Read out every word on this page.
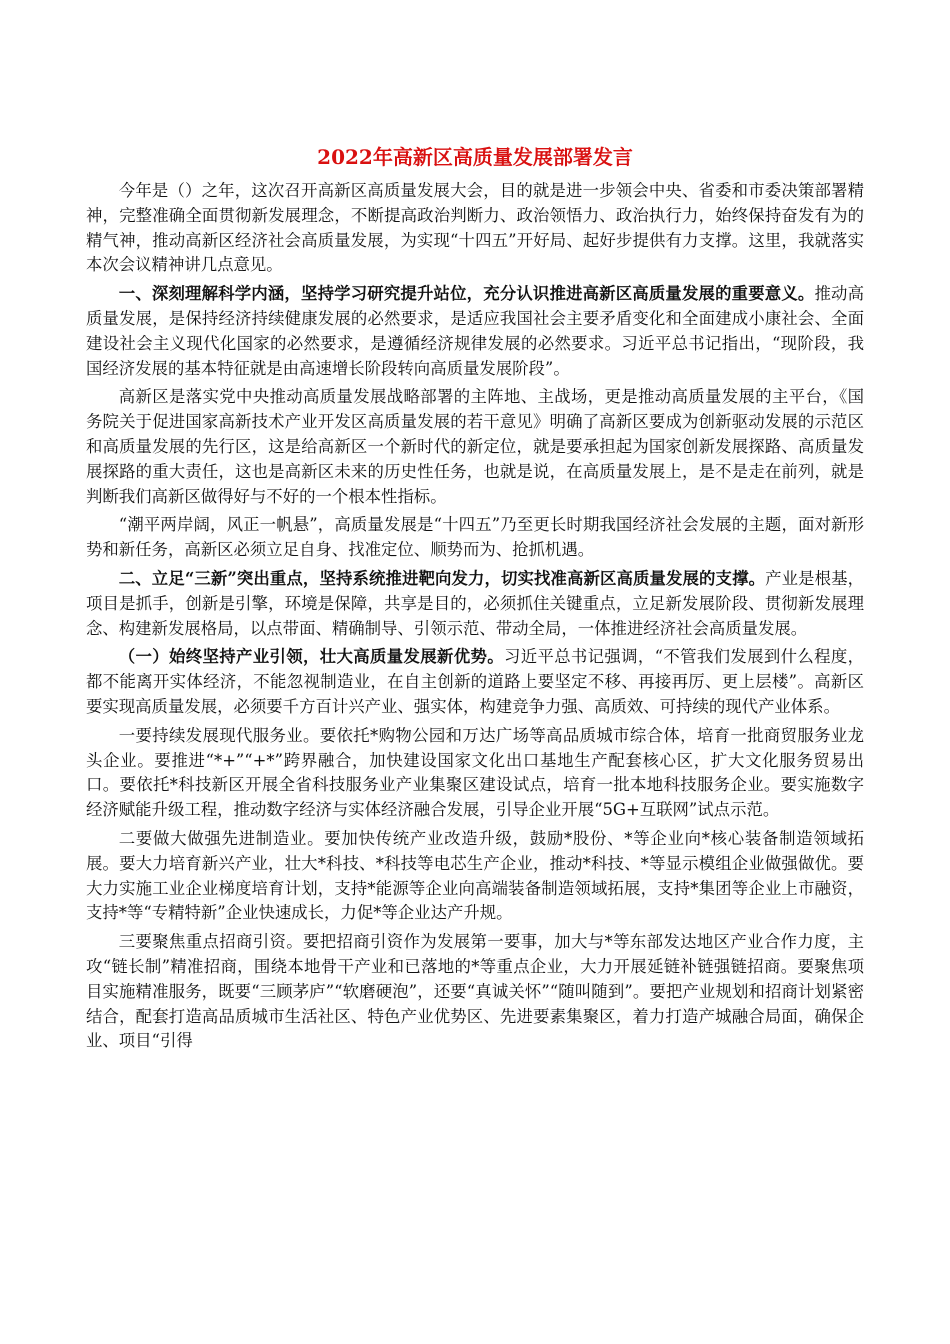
2022年高新区高质量发展部署发言

今年是（）之年，这次召开高新区高质量发展大会，目的就是进一步领会中央、省委和市委决策部署精神，完整准确全面贯彻新发展理念，不断提高政治判断力、政治领悟力、政治执行力，始终保持奋发有为的精气神，推动高新区经济社会高质量发展，为实现“十四五”开好局、起好步提供有力支撑。这里，我就落实本次会议精神讲几点意见。

一、深刻理解科学内涵，坚持学习研究提升站位，充分认识推进高新区高质量发展的重要意义。推动高质量发展，是保持经济持续健康发展的必然要求，是适应我国社会主要矛盾变化和全面建成小康社会、全面建设社会主义现代化国家的必然要求，是遵循经济规律发展的必然要求。习近平总书记指出，“现阶段，我国经济发展的基本特征就是由高速增长阶段转向高质量发展阶段”。

高新区是落实党中央推动高质量发展战略部署的主阵地、主战场，更是推动高质量发展的主平台，《国务院关于促进国家高新技术产业开发区高质量发展的若干意见》明确了高新区要成为创新驱动发展的示范区和高质量发展的先行区，这是给高新区一个新时代的新定位，就是要承担起为国家创新发展探路、高质量发展探路的重大责任，这也是高新区未来的历史性任务，也就是说，在高质量发展上，是不是走在前列，就是判断我们高新区做得好与不好的一个根本性指标。

“潮平两岸阔，风正一帆悬”，高质量发展是“十四五”乃至更长时期我国经济社会发展的主题，面对新形势和新任务，高新区必须立足自身、找准定位、顺势而为、抢抓机遇。

二、立足“三新”突出重点，坚持系统推进靶向发力，切实找准高新区高质量发展的支撑。产业是根基，项目是抓手，创新是引擎，环境是保障，共享是目的，必须抓住关键重点，立足新发展阶段、贯彻新发展理念、构建新发展格局，以点带面、精确制导、引领示范、带动全局，一体推进经济社会高质量发展。

（一）始终坚持产业引领，壮大高质量发展新优势。习近平总书记强调，“不管我们发展到什么程度，都不能离开实体经济，不能忽视制造业，在自主创新的道路上要坚定不移、再接再厉、更上层楼”。高新区要实现高质量发展，必须要千方百计兴产业、强实体，构建竞争力强、高质效、可持续的现代产业体系。

一要持续发展现代服务业。要依托*购物公园和万达广场等高品质城市综合体，培育一批商贸服务业龙头企业。要推进“*+”“+*”跨界融合，加快建设国家文化出口基地生产配套核心区，扩大文化服务贸易出口。要依托*科技新区开展全省科技服务业产业集聚区建设试点，培育一批本地科技服务企业。要实施数字经济赋能升级工程，推动数字经济与实体经济融合发展，引导企业开展“5G+互联网”试点示范。

二要做大做强先进制造业。要加快传统产业改造升级，鼓励*股份、*等企业向*核心装备制造领域拓展。要大力培育新兴产业，壮大*科技、*科技等电芯生产企业，推动*科技、*等显示模组企业做强做优。要大力实施工业企业梯度培育计划，支持*能源等企业向高端装备制造领域拓展，支持*集团等企业上市融资，支持*等“专精特新”企业快速成长，力促*等企业达产升规。

三要聚焦重点招商引资。要把招商引资作为发展第一要事，加大与*等东部发达地区产业合作力度，主攻“链长制”精准招商，围绕本地骨干产业和已落地的*等重点企业，大力开展延链补链强链招商。要聚焦项目实施精准服务，既要“三顾茅庐”“软磨硬泡”，还要“真诚关怀”“随叫随到”。要把产业规划和招商计划紧密结合，配套打造高品质城市生活社区、特色产业优势区、先进要素集聚区，着力打造产城融合局面，确保企业、项目“引得
